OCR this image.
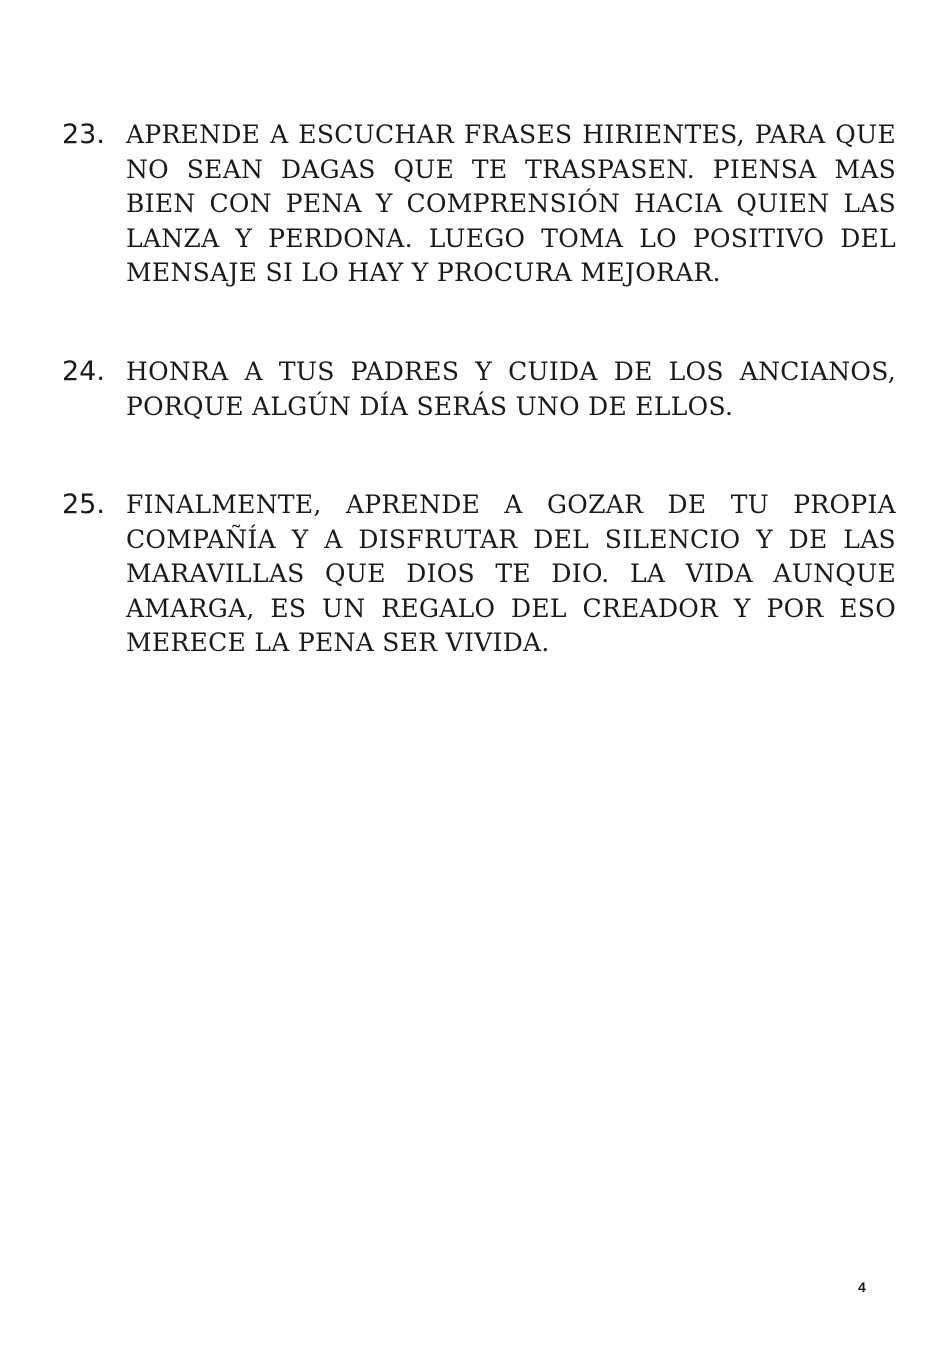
23. APRENDE A ESCUCHAR FRASES HIRIENTES, PARA QUE NO SEAN DAGAS QUE TE TRASPASEN. PIENSA MAS BIEN CON PENA Y COMPRENSIÓN HACIA QUIEN LAS LANZA Y PERDONA. LUEGO TOMA LO POSITIVO DEL MENSAJE SI LO HAY Y PROCURA MEJORAR.
24. HONRA A TUS PADRES Y CUIDA DE LOS ANCIANOS, PORQUE ALGÚN DÍA SERÁS UNO DE ELLOS.
25. FINALMENTE, APRENDE A GOZAR DE TU PROPIA COMPAÑÍA Y A DISFRUTAR DEL SILENCIO Y DE LAS MARAVILLAS QUE DIOS TE DIO. LA VIDA AUNQUE AMARGA, ES UN REGALO DEL CREADOR Y POR ESO MERECE LA PENA SER VIVIDA.
4
